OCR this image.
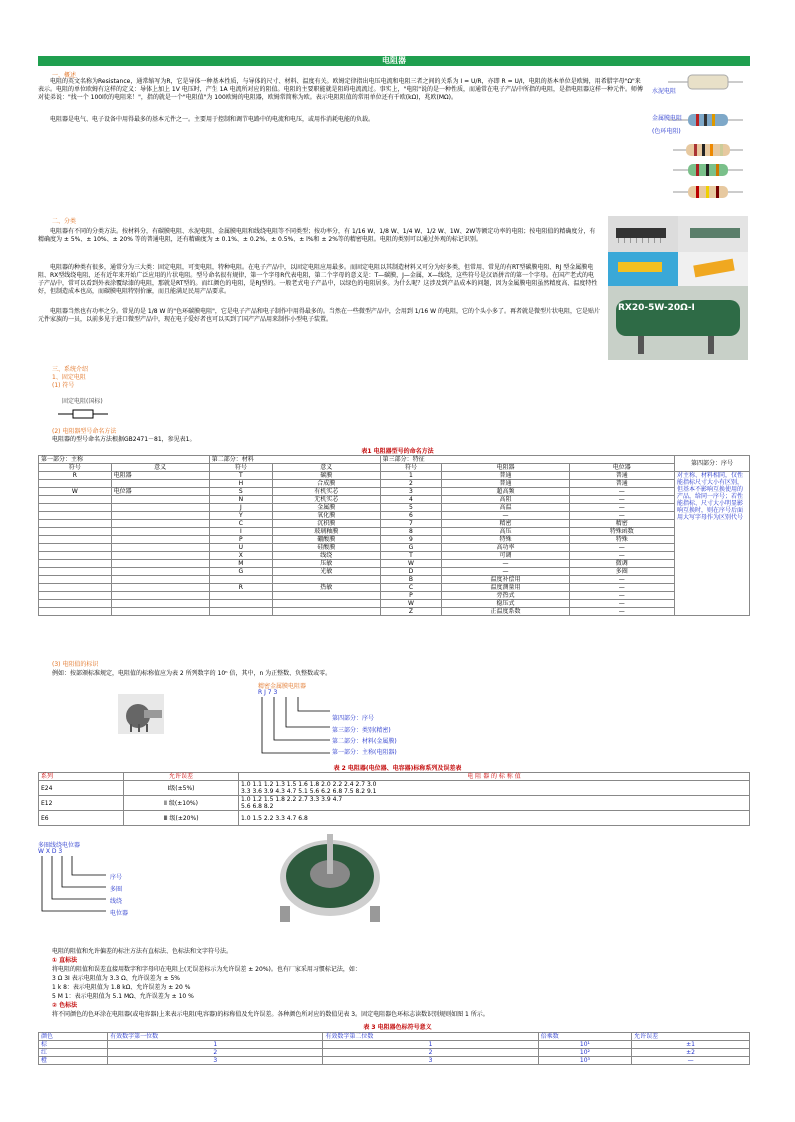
电阻器
一、概述

电阻的英文名称为Resistance，通常缩写为R，它是导体一种基本性质，与导体的尺寸、材料、温度有关。欧姆定律指出电压电流和电阻三者之间的关系为 I = U/R，亦即 R = U/I，电阻的基本单位是欧姆，用希腊字母"Ω"来表示。电阻的单位欧姆有这样的定义：导体上加上 1V 电压时，产生 1A 电流所对应的阻值。电阻的主要职能就是阻碍电流流过。事实上，"电阻"说的是一种性质，而通常在电子产品中所指的电阻，是指电阻器这样一种元件。师傅对徒弟说："找一个 100欧的电阻来！"，指的就是一个"电阻值"为 100欧姆的电阻器，欧姆常简称为欧。表示电阻阻值的常用单位还有千欧(kΩ)，兆欧(MΩ)。

电阻器是电气、电子设备中用得最多的基本元件之一。主要用于控制和调节电路中的电流和电压，或用作消耗电能的负载。

水泥电阻
金属膜电阻
(色环电阻)
二、分类

电阻器有不同的分类方法。按材料分，有碳膜电阻、水泥电阻、金属膜电阻和线绕电阻等不同类型；按功率分，有 1/16 W、1/8 W、1/4 W、1/2 W、1W、2W等额定功率的电阻；按电阻值的精确度分，有精确度为 ± 5%、± 10%、± 20% 等的普通电阻，还有精确度为 ± 0.1%、± 0.2%、± 0.5%、± l%和 ± 2%等的精密电阻。电阻的类别可以通过外观的标记识别。

电阻器的种类有很多，通常分为三大类：固定电阻，可变电阻，特种电阻。在电子产品中，以固定电阻应用最多。而固定电阻以其制造材料又可分为好多类，但常用、常见的有RT型碳膜电阻、RJ 型金属膜电阻、RX型线绕电阻，还有近年来开始广泛应用的片状电阻。型号命名很有规律，第一个字母R代表电阻，第二个字母的意义是：T—碳膜，J—金属，X—线绕，这些符号是汉语拼音的第一个字母。在国产老式的电子产品中，常可以看到外表涂覆绿漆的电阻，那就是RT型的。而红颜色的电阻，是RJ型的。一般老式电子产品中，以绿色的电阻居多。为什么呢？这涉及到产品成本的问题，因为金属膜电阻虽然精度高、温度特性好，但制造成本也高，而碳膜电阻特别价廉，而且能满足民用产品要求。

电阻器当然也有功率之分。常见的是 1/8 W 的"色环碳膜电阻"，它是电子产品和电子制作中用得最多的。当然在一些微型产品中，会用到 1/16 W 的电阻，它的个头小多了。再者就是微型片状电阻，它是贴片元件家族的一员，以前多见于进口微型产品中，现在电子爱好者也可以买到了国产产品用来制作小型电子装置。

RX20-5W-20Ω-I
三、系统介绍
1、固定电阻
(1) 符号
固定电阻(国标)
(2) 电阻器型号命名方法
电阻器的型号命名方法根据GB2471－81，参见表1。
表1 电阻器型号的命名方法
第一部分：主称		第二部分：材料		第三部分：特征			第四部分：序号
符号	意义	符号	意义	符号	电阻器	电位器	
R	电阻器	T	碳膜	1	普通	普通	对主称、材料相同，仅性能指标尺寸大小有区别，但基本不影响互换使用的产品，给同一序号；若性能指标、尺寸大小明显影响互换时，则在序号后面用大写字母作为区别代号
		H	合成膜	2	普通	普通	
W	电位器	S	有机实芯	3	超高频	—	
		N	无机实芯	4	高阻	—	
		J	金属膜	5	高温	—	
		Y	氧化膜	6	—	—	
		C	沉积膜	7	精密	精密	
		I	玻璃釉膜	8	高压	特殊函数	
		P	硼酸膜	9	特殊	特殊	
		U	硅酸膜	G	高功率	—	
		X	线绕	T	可调	—	
		M	压敏	W	—	微调	
		G	光敏	D	—	多圈	
				B	温度补偿用	—	
		R	热敏	C	温度测量用	—	
				P	旁热式	—	
				W	稳压式	—	
				Z	正温度系数	—	
(3) 电阻值的标识
例如：按部颁标准规定，电阻值的标称值应为表 2 所列数字的 10ⁿ 倍，其中，n 为正整数、负整数或零。
精密金属膜电阻器
R J 7 3
第四部分：序号
第三部分：类别(精密)
第二部分：材料(金属膜)
第一部分：主称(电阻器)
表 2 电阻器(电位器、电容器)标称系列及误差表
系列	允许误差	电 阻 器 的 标 称 值
E24	Ⅰ级(±5%)	1.0 1.1 1.2 1.3 1.5 1.6 1.8 2.0 2.2 2.4 2.7 3.0
3.3 3.6 3.9 4.3 4.7 5.1 5.6 6.2 6.8 7.5 8.2 9.1

E12	Ⅱ 级(±10%)	1.0 1.2 1.5 1.8 2.2 2.7 3.3 3.9 4.7
5.6 6.8 8.2

E6	Ⅲ 级(±20%)	1.0 1.5 2.2 3.3 4.7 6.8
多圈线绕电位器
W X D 3
序号
多圈
线绕
电位器
电阻的阻值和允许偏差的标注方法有直标法、色标法和文字符号法。
① 直标法
将电阻的阻值和误差直接用数字和字母印在电阻上(无误差标示为允许误差 ± 20%)。也有厂家采用习惯标记法，如：
3 Ω 3I 表示电阻值为 3.3 Ω、允许误差为 ± 5%
1 k 8：表示电阻值为 1.8 kΩ、允许误差为 ± 20 %
5 M 1：表示电阻值为 5.1 MΩ、允许误差为 ± 10 %
② 色标法
将不同颜色的色环涂在电阻器(或电容器)上来表示电阻(电容器)的标称值及允许误差。各种颜色所对应的数值见表 3。固定电阻器色环标志读数识别规则如图 1 所示。
表 3 电阻器色标符号意义
颜色	有效数字第一位数	有效数字第二位数	倍乘数	允许误差
棕	1	1	10¹	±1
红	2	2	10²	±2
橙	3	3	10³	—
